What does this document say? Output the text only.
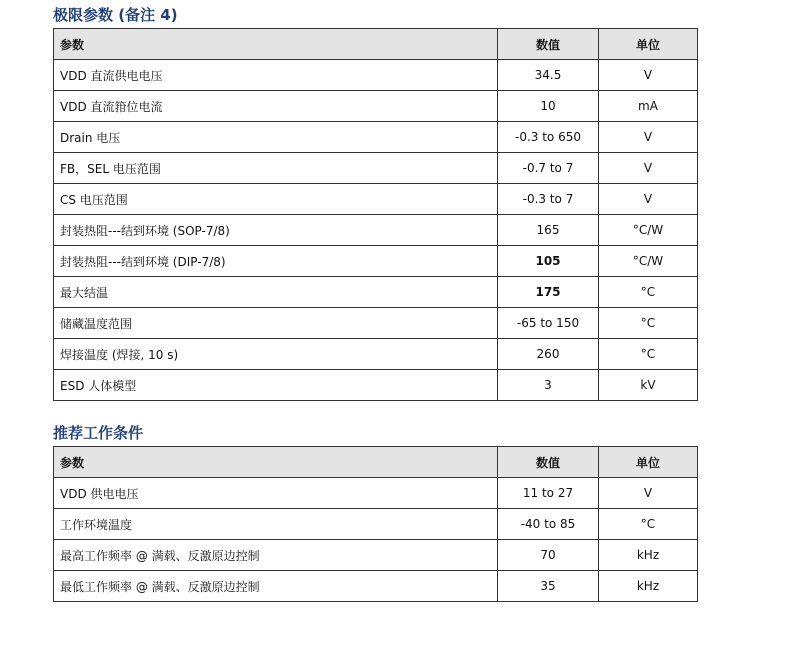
极限参数 (备注 4)
参数	数值	单位
VDD 直流供电电压	34.5	V
VDD 直流箝位电流	10	mA
Drain 电压	-0.3 to 650	V
FB，SEL 电压范围	-0.7 to 7	V
CS 电压范围	-0.3 to 7	V
封装热阻---结到环境 (SOP-7/8)	165	°C/W
封装热阻---结到环境 (DIP-7/8)	105	°C/W
最大结温	175	°C
储藏温度范围	-65 to 150	°C
焊接温度 (焊接, 10 s)	260	°C
ESD 人体模型	3	kV
推荐工作条件
参数	数值	单位
VDD 供电电压	11 to 27	V
工作环境温度	-40 to 85	°C
最高工作频率 @ 满载、反激原边控制	70	kHz
最低工作频率 @ 满载、反激原边控制	35	kHz
